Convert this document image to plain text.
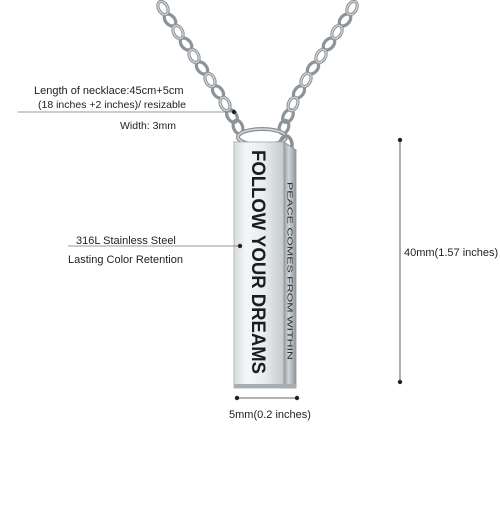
FOLLOW YOUR DREAMS PEACE COMES FROM WITHIN
Length of necklace:45cm+5cm
(18 inches +2 inches)/ resizable
Width: 3mm
316L Stainless Steel
Lasting Color Retention
40mm(1.57 inches)
5mm(0.2 inches)
